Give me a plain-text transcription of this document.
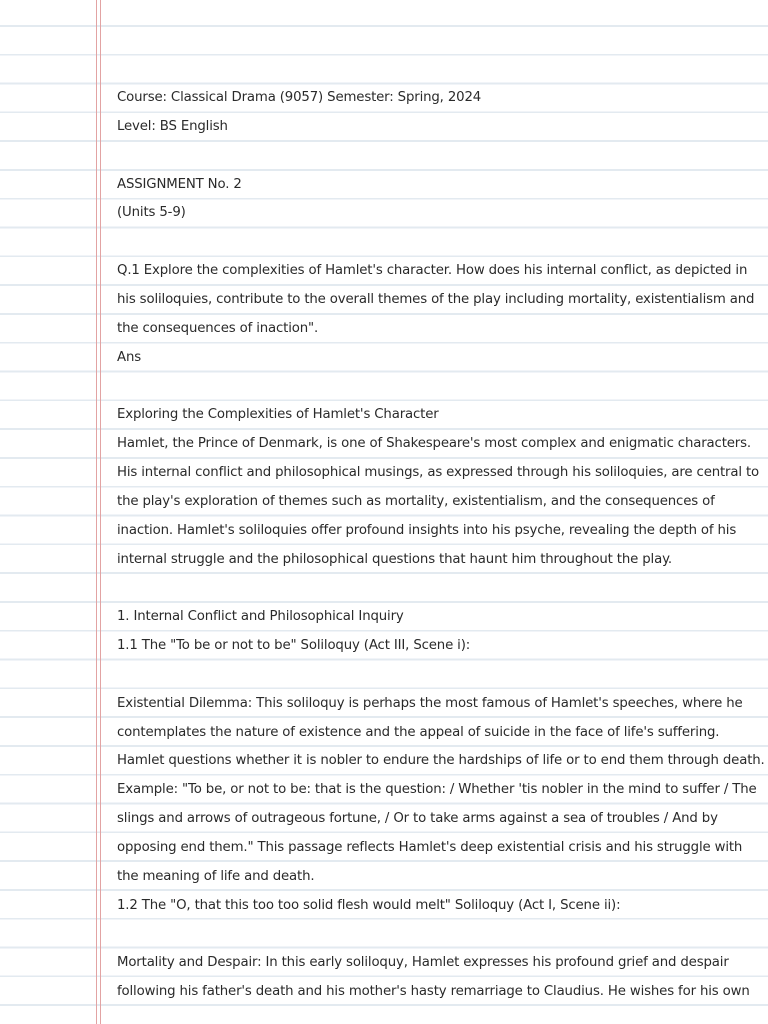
Course: Classical Drama (9057) Semester: Spring, 2024
Level: BS English
ASSIGNMENT No. 2
(Units 5-9)
Q.1 Explore the complexities of Hamlet's character. How does his internal conflict, as depicted in
his soliloquies, contribute to the overall themes of the play including mortality, existentialism and
the consequences of inaction".
Ans
Exploring the Complexities of Hamlet's Character
Hamlet, the Prince of Denmark, is one of Shakespeare's most complex and enigmatic characters.
His internal conflict and philosophical musings, as expressed through his soliloquies, are central to
the play's exploration of themes such as mortality, existentialism, and the consequences of
inaction. Hamlet's soliloquies offer profound insights into his psyche, revealing the depth of his
internal struggle and the philosophical questions that haunt him throughout the play.
1. Internal Conflict and Philosophical Inquiry
1.1 The "To be or not to be" Soliloquy (Act III, Scene i):
Existential Dilemma: This soliloquy is perhaps the most famous of Hamlet's speeches, where he
contemplates the nature of existence and the appeal of suicide in the face of life's suffering.
Hamlet questions whether it is nobler to endure the hardships of life or to end them through death.
Example: "To be, or not to be: that is the question: / Whether 'tis nobler in the mind to suffer / The
slings and arrows of outrageous fortune, / Or to take arms against a sea of troubles / And by
opposing end them." This passage reflects Hamlet's deep existential crisis and his struggle with
the meaning of life and death.
1.2 The "O, that this too too solid flesh would melt" Soliloquy (Act I, Scene ii):
Mortality and Despair: In this early soliloquy, Hamlet expresses his profound grief and despair
following his father's death and his mother's hasty remarriage to Claudius. He wishes for his own
